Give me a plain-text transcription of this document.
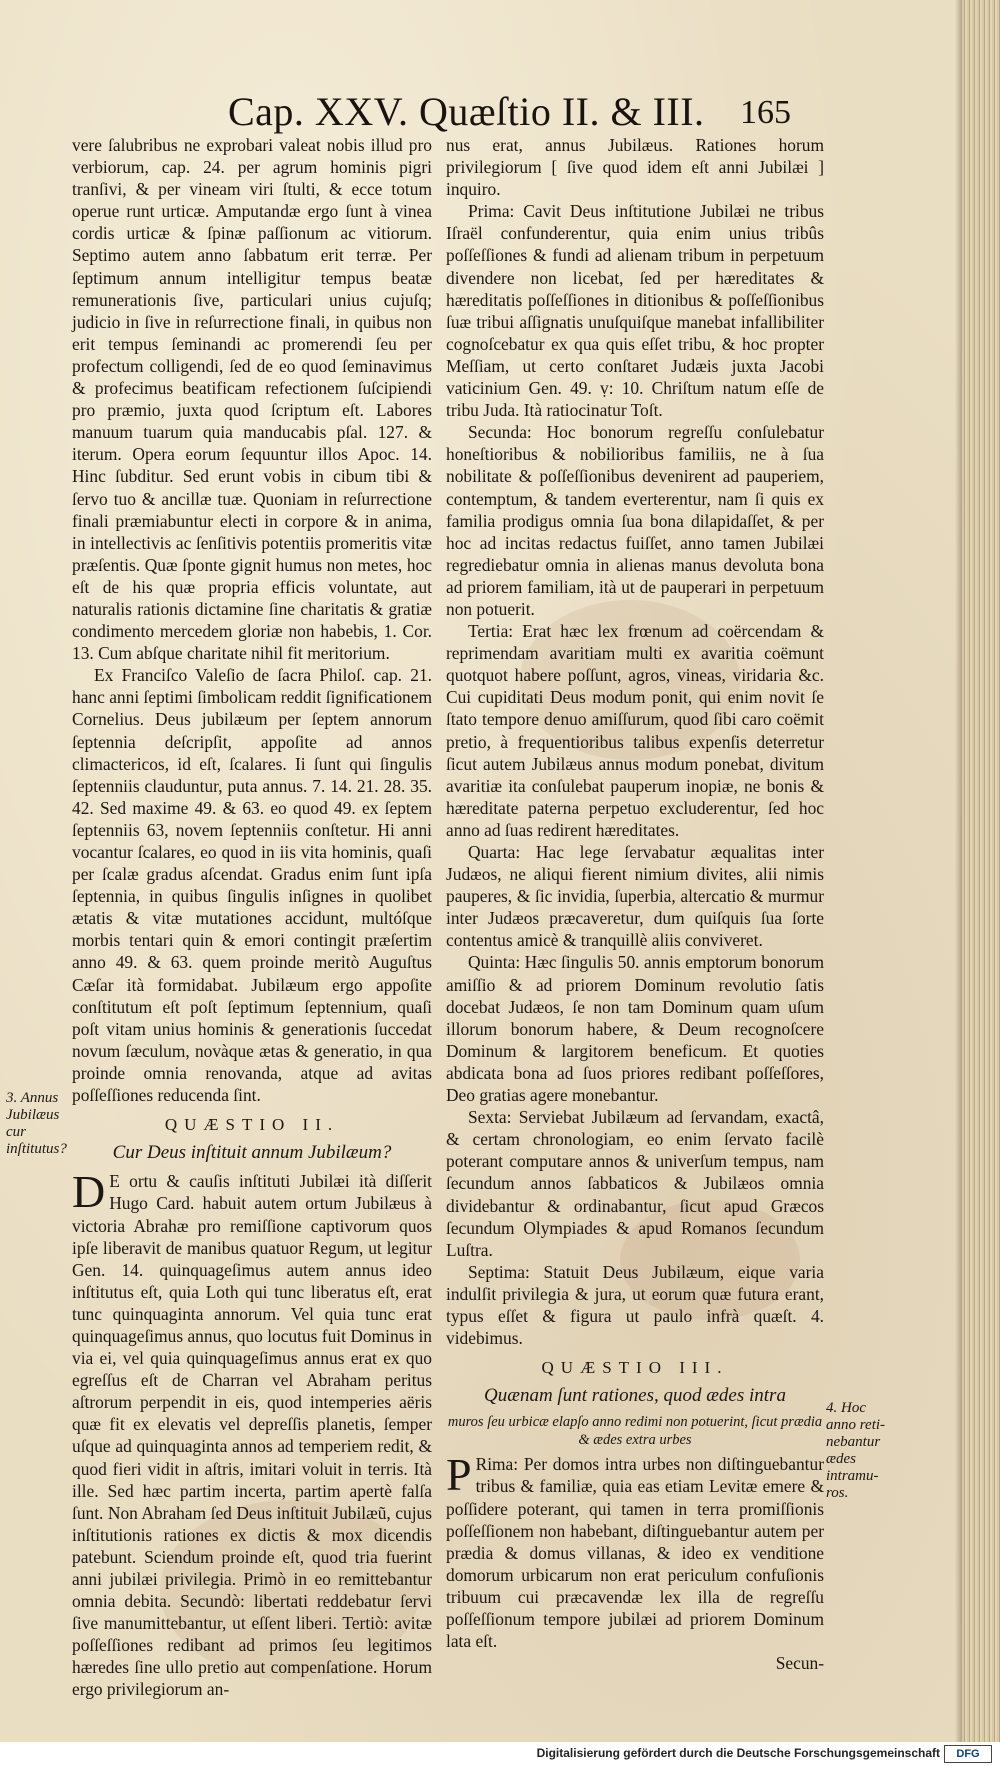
Cap. XXV. Quæſtio II. & III. 165

vere ſalubribus ne exprobari valeat nobis illud pro verbiorum, cap. 24. per agrum hominis pigri tranſivi, & per vineam viri ſtulti, & ecce totum operue runt urticæ. Amputandæ ergo ſunt à vinea cordis urticæ & ſpinæ paſſionum ac vitiorum. Septimo autem anno ſabbatum erit terræ. Per ſeptimum annum intelligitur tempus beatæ remunerationis ſive, particulari unius cujuſq; judicio in ſive in reſurrectione finali, in quibus non erit tempus ſeminandi ac promerendi ſeu per profectum colligendi, ſed de eo quod ſeminavimus & profecimus beatificam refectionem ſuſcipiendi pro præmio, juxta quod ſcriptum eſt. Labores manuum tuarum quia manducabis pſal. 127. & iterum. Opera eorum ſequuntur illos Apoc. 14. Hinc ſubditur. Sed erunt vobis in cibum tibi & ſervo tuo & ancillæ tuæ. Quoniam in reſurrectione finali præmiabuntur electi in corpore & in anima, in intellectivis ac ſenſitivis potentiis promeritis vitæ præſentis. Quæ ſponte gignit humus non metes, hoc eſt de his quæ propria efficis voluntate, aut naturalis rationis dictamine ſine charitatis & gratiæ condimento mercedem gloriæ non habebis, 1. Cor. 13. Cum abſque charitate nihil fit meritorium.

Ex Franciſco Valeſio de ſacra Philoſ. cap. 21. hanc anni ſeptimi ſimbolicam reddit ſignificationem Cornelius. Deus jubilæum per ſeptem annorum ſeptennia deſcripſit, appoſite ad annos climactericos, id eſt, ſcalares. Ii ſunt qui ſingulis ſeptenniis clauduntur, puta annus. 7. 14. 21. 28. 35. 42. Sed maxime 49. & 63. eo quod 49. ex ſeptem ſeptenniis 63, novem ſeptenniis conſtetur. Hi anni vocantur ſcalares, eo quod in iis vita hominis, quaſi per ſcalæ gradus aſcendat. Gradus enim ſunt ipſa ſeptennia, in quibus ſingulis inſignes in quolibet ætatis & vitæ mutationes accidunt, multóſque morbis tentari quin & emori contingit præſertim anno 49. & 63. quem proinde meritò Auguſtus Cæſar ità formidabat. Jubilæum ergo appoſite conſtitutum eſt poſt ſeptimum ſeptennium, quaſi poſt vitam unius hominis & generationis ſuccedat novum ſæculum, novàque ætas & generatio, in qua proinde omnia renovanda, atque ad avitas poſſeſſiones reducenda ſint.

QUÆSTIO II.

Cur Deus inſtituit annum Jubilæum?

D E ortu & cauſis inſtituti Jubilæi ità diſſerit Hugo Card. habuit autem ortum Jubilæus à victoria Abrahæ pro remiſſione captivorum quos ipſe liberavit de manibus quatuor Regum, ut legitur Gen. 14. quinquageſimus autem annus ideo inſtitutus eſt, quia Loth qui tunc liberatus eſt, erat tunc quinquaginta annorum. Vel quia tunc erat quinquageſimus annus, quo locutus fuit Dominus in via ei, vel quia quinquageſimus annus erat ex quo egreſſus eſt de Charran vel Abraham peritus aſtrorum perpendit in eis, quod intemperies aëris quæ fit ex elevatis vel depreſſis planetis, ſemper uſque ad quinquaginta annos ad temperiem redit, & quod fieri vidit in aſtris, imitari voluit in terris. Ità ille. Sed hæc partim incerta, partim apertè falſa ſunt. Non Abraham ſed Deus inſtituit Jubilæũ, cujus inſtitutionis rationes ex dictis & mox dicendis patebunt. Sciendum proinde eſt, quod tria fuerint anni jubilæi privilegia. Primò in eo remittebantur omnia debita. Secundò: libertati reddebatur ſervi ſive manumittebantur, ut eſſent liberi. Tertiò: avitæ poſſeſſiones redibant ad primos ſeu legitimos hæredes ſine ullo pretio aut compenſatione. Horum ergo privilegiorum an-

nus erat, annus Jubilæus. Rationes horum privilegiorum [ ſive quod idem eſt anni Jubilæi ] inquiro.

Prima: Cavit Deus inſtitutione Jubilæi ne tribus Iſraël confunderentur, quia enim unius tribûs poſſeſſiones & fundi ad alienam tribum in perpetuum divendere non licebat, ſed per hæreditates & hæreditatis poſſeſſiones in ditionibus & poſſeſſionibus ſuæ tribui aſſignatis unuſquiſque manebat infallibiliter cognoſcebatur ex qua quis eſſet tribu, & hoc propter Meſſiam, ut certo conſtaret Judæis juxta Jacobi vaticinium Gen. 49. ṿ: 10. Chriſtum natum eſſe de tribu Juda. Ità ratiocinatur Toſt.

Secunda: Hoc bonorum regreſſu conſulebatur honeſtioribus & nobilioribus familiis, ne à ſua nobilitate & poſſeſſionibus devenirent ad pauperiem, contemptum, & tandem everterentur, nam ſi quis ex familia prodigus omnia ſua bona dilapidaſſet, & per hoc ad incitas redactus fuiſſet, anno tamen Jubilæi regrediebatur omnia in alienas manus devoluta bona ad priorem familiam, ità ut de pauperari in perpetuum non potuerit.

Tertia: Erat hæc lex frœnum ad coërcendam & reprimendam avaritiam multi ex avaritia coëmunt quotquot habere poſſunt, agros, vineas, viridaria &c. Cui cupiditati Deus modum ponit, qui enim novit ſe ſtato tempore denuo amiſſurum, quod ſibi caro coëmit pretio, à frequentioribus talibus expenſis deterretur ſicut autem Jubilæus annus modum ponebat, divitum avaritiæ ita conſulebat pauperum inopiæ, ne bonis & hæreditate paterna perpetuo excluderentur, ſed hoc anno ad ſuas redirent hæreditates.

Quarta: Hac lege ſervabatur æqualitas inter Judæos, ne aliqui fierent nimium divites, alii nimis pauperes, & ſic invidia, ſuperbia, altercatio & murmur inter Judæos præcaveretur, dum quiſquis ſua ſorte contentus amicè & tranquillè aliis conviveret.

Quinta: Hæc ſingulis 50. annis emptorum bonorum amiſſio & ad priorem Dominum revolutio ſatis docebat Judæos, ſe non tam Dominum quam uſum illorum bonorum habere, & Deum recognoſcere Dominum & largitorem beneficum. Et quoties abdicata bona ad ſuos priores redibant poſſeſſores, Deo gratias agere monebantur.

Sexta: Serviebat Jubilæum ad ſervandam, exactâ, & certam chronologiam, eo enim ſervato facilè poterant computare annos & univerſum tempus, nam ſecundum annos ſabbaticos & Jubilæos omnia dividebantur & ordinabantur, ſicut apud Græcos ſecundum Olympiades & apud Romanos ſecundum Luſtra.

Septima: Statuit Deus Jubilæum, eique varia indulſit privilegia & jura, ut eorum quæ futura erant, typus eſſet & figura ut paulo infrà quæſt. 4. videbimus.

QUÆSTIO III.

Quænam ſunt rationes, quod ædes intra

muros ſeu urbicæ elapſo anno redimi non potuerint, ſicut prædia & ædes extra urbes

P Rima: Per domos intra urbes non diſtinguebantur tribus & familiæ, quia eas etiam Levitæ emere & poſſidere poterant, qui tamen in terra promiſſionis poſſeſſionem non habebant, diſtinguebantur autem per prædia & domus villanas, & ideo ex venditione domorum urbicarum non erat periculum confuſionis tribuum cui præcavendæ lex illa de regreſſu poſſeſſionum tempore jubilæi ad priorem Dominum lata eſt.

Secun-

3. Annus Jubilæus cur inſtitutus?
4. Hoc anno reti-nebantur ædes intramu-ros.
Digitalisierung gefördert durch die Deutsche Forschungsgemeinschaft	DFG
